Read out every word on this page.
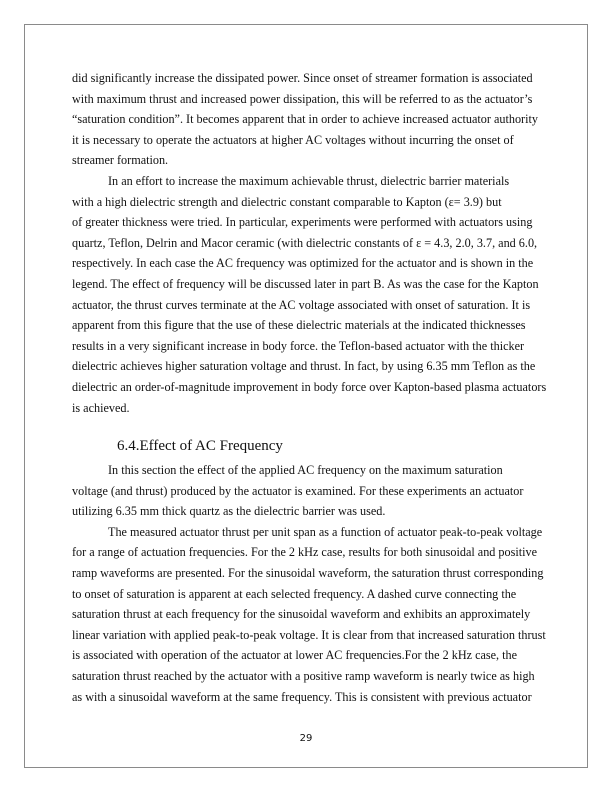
did significantly increase the dissipated power. Since onset of streamer formation is associated
with maximum thrust and increased power dissipation, this will be referred to as the actuator’s
“saturation condition”. It becomes apparent that in order to achieve increased actuator authority
it is necessary to operate the actuators at higher AC voltages without incurring the onset of
streamer formation.
In an effort to increase the maximum achievable thrust, dielectric barrier materials
with a high dielectric strength and dielectric constant comparable to Kapton (ε= 3.9) but
of greater thickness were tried. In particular, experiments were performed with actuators using
quartz, Teflon, Delrin and Macor ceramic (with dielectric constants of ε = 4.3, 2.0, 3.7, and 6.0,
respectively. In each case the AC frequency was optimized for the actuator and is shown in the
legend. The effect of frequency will be discussed later in part B. As was the case for the Kapton
actuator, the thrust curves terminate at the AC voltage associated with onset of saturation. It is
apparent from this figure that the use of these dielectric materials at the indicated thicknesses
results in a very significant increase in body force. the Teflon-based actuator with the thicker
dielectric achieves higher saturation voltage and thrust. In fact, by using 6.35 mm Teflon as the
dielectric an order-of-magnitude improvement in body force over Kapton-based plasma actuators
is achieved.
6.4.Effect of AC Frequency
In this section the effect of the applied AC frequency on the maximum saturation
voltage (and thrust) produced by the actuator is examined. For these experiments an actuator
utilizing 6.35 mm thick quartz as the dielectric barrier was used.
The measured actuator thrust per unit span as a function of actuator peak-to-peak voltage
for a range of actuation frequencies. For the 2 kHz case, results for both sinusoidal and positive
ramp waveforms are presented. For the sinusoidal waveform, the saturation thrust corresponding
to onset of saturation is apparent at each selected frequency. A dashed curve connecting the
saturation thrust at each frequency for the sinusoidal waveform and exhibits an approximately
linear variation with applied peak-to-peak voltage. It is clear from that increased saturation thrust
is associated with operation of the actuator at lower AC frequencies.For the 2 kHz case, the
saturation thrust reached by the actuator with a positive ramp waveform is nearly twice as high
as with a sinusoidal waveform at the same frequency. This is consistent with previous actuator
29
